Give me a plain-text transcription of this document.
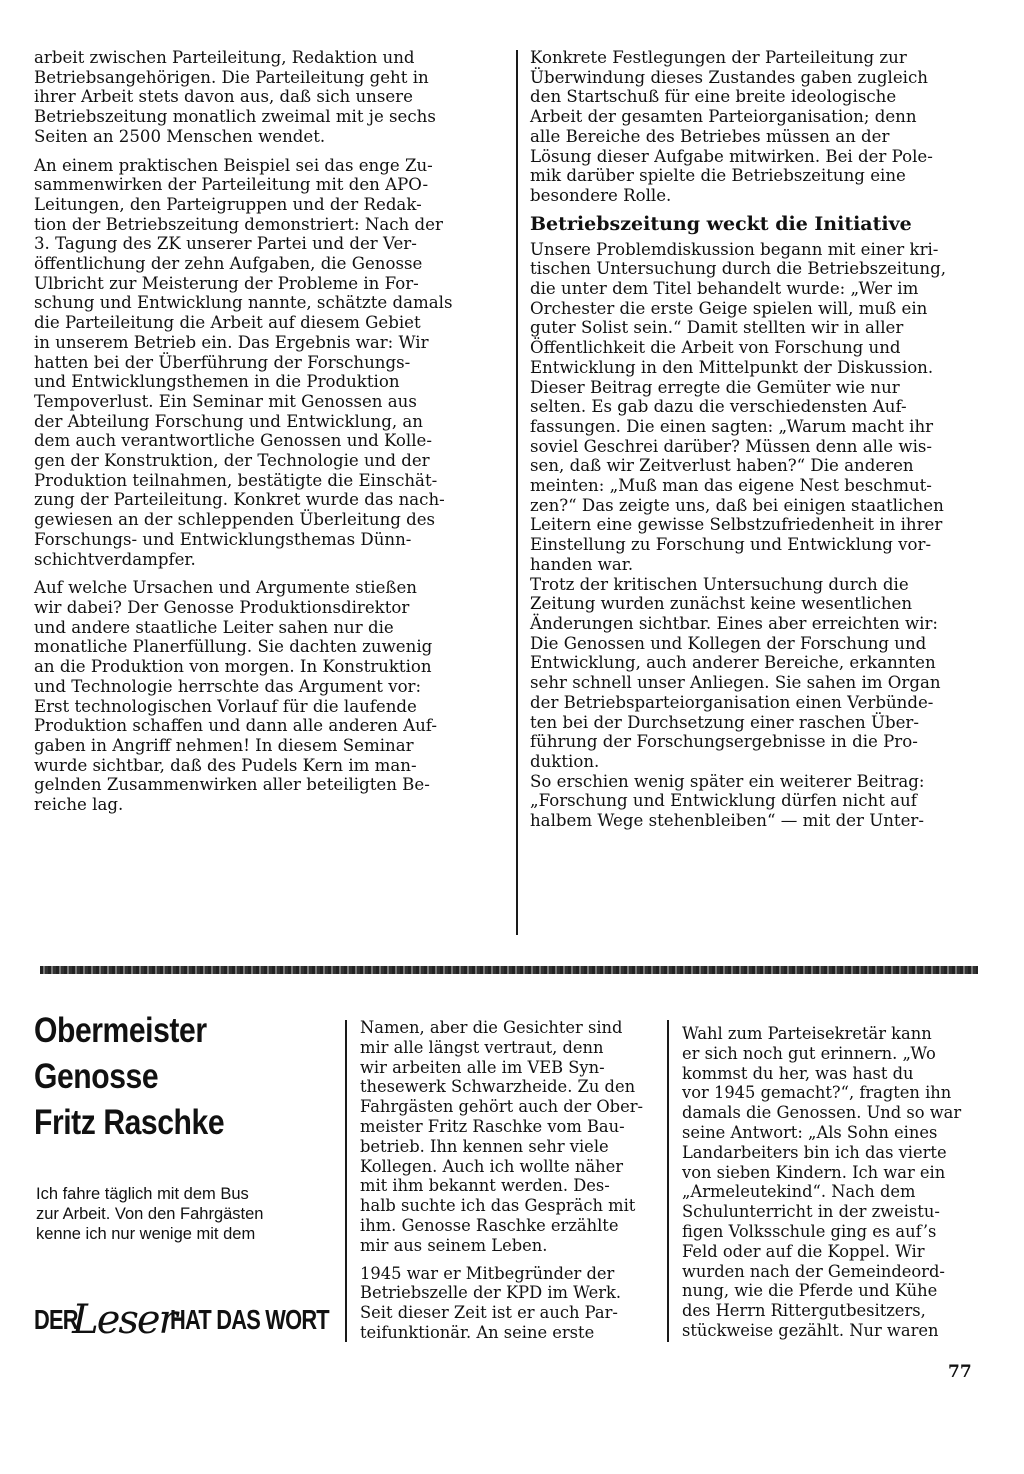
arbeit zwischen Parteileitung, Redaktion und
Betriebsangehörigen. Die Parteileitung geht in
ihrer Arbeit stets davon aus, daß sich unsere
Betriebszeitung monatlich zweimal mit je sechs
Seiten an 2500 Menschen wendet.

An einem praktischen Beispiel sei das enge Zu-
sammenwirken der Parteileitung mit den APO-
Leitungen, den Parteigruppen und der Redak-
tion der Betriebszeitung demonstriert: Nach der
3. Tagung des ZK unserer Partei und der Ver-
öffentlichung der zehn Aufgaben, die Genosse
Ulbricht zur Meisterung der Probleme in For-
schung und Entwicklung nannte, schätzte damals
die Parteileitung die Arbeit auf diesem Gebiet
in unserem Betrieb ein. Das Ergebnis war: Wir
hatten bei der Überführung der Forschungs-
und Entwicklungsthemen in die Produktion
Tempoverlust. Ein Seminar mit Genossen aus
der Abteilung Forschung und Entwicklung, an
dem auch verantwortliche Genossen und Kolle-
gen der Konstruktion, der Technologie und der
Produktion teilnahmen, bestätigte die Einschät-
zung der Parteileitung. Konkret wurde das nach-
gewiesen an der schleppenden Überleitung des
Forschungs- und Entwicklungsthemas Dünn-
schichtverdampfer.

Auf welche Ursachen und Argumente stießen
wir dabei? Der Genosse Produktionsdirektor
und andere staatliche Leiter sahen nur die
monatliche Planerfüllung. Sie dachten zuwenig
an die Produktion von morgen. In Konstruktion
und Technologie herrschte das Argument vor:
Erst technologischen Vorlauf für die laufende
Produktion schaffen und dann alle anderen Auf-
gaben in Angriff nehmen! In diesem Seminar
wurde sichtbar, daß des Pudels Kern im man-
gelnden Zusammenwirken aller beteiligten Be-
reiche lag.

Konkrete Festlegungen der Parteileitung zur
Überwindung dieses Zustandes gaben zugleich
den Startschuß für eine breite ideologische
Arbeit der gesamten Parteiorganisation; denn
alle Bereiche des Betriebes müssen an der
Lösung dieser Aufgabe mitwirken. Bei der Pole-
mik darüber spielte die Betriebszeitung eine
besondere Rolle.

Betriebszeitung weckt die Initiative

Unsere Problemdiskussion begann mit einer kri-
tischen Untersuchung durch die Betriebszeitung,
die unter dem Titel behandelt wurde: „Wer im
Orchester die erste Geige spielen will, muß ein
guter Solist sein.“ Damit stellten wir in aller
Öffentlichkeit die Arbeit von Forschung und
Entwicklung in den Mittelpunkt der Diskussion.
Dieser Beitrag erregte die Gemüter wie nur
selten. Es gab dazu die verschiedensten Auf-
fassungen. Die einen sagten: „Warum macht ihr
soviel Geschrei darüber? Müssen denn alle wis-
sen, daß wir Zeitverlust haben?“ Die anderen
meinten: „Muß man das eigene Nest beschmut-
zen?“ Das zeigte uns, daß bei einigen staatlichen
Leitern eine gewisse Selbstzufriedenheit in ihrer
Einstellung zu Forschung und Entwicklung vor-
handen war.

Trotz der kritischen Untersuchung durch die
Zeitung wurden zunächst keine wesentlichen
Änderungen sichtbar. Eines aber erreichten wir:
Die Genossen und Kollegen der Forschung und
Entwicklung, auch anderer Bereiche, erkannten
sehr schnell unser Anliegen. Sie sahen im Organ
der Betriebsparteiorganisation einen Verbünde-
ten bei der Durchsetzung einer raschen Über-
führung der Forschungsergebnisse in die Pro-
duktion.

So erschien wenig später ein weiterer Beitrag:
„Forschung und Entwicklung dürfen nicht auf
halbem Wege stehenbleiben“ — mit der Unter-

Obermeister
Genosse
Fritz Raschke

Ich fahre täglich mit dem Bus
zur Arbeit. Von den Fahrgästen
kenne ich nur wenige mit dem

DER
Leser
HAT DAS WORT

Namen, aber die Gesichter sind
mir alle längst vertraut, denn
wir arbeiten alle im VEB Syn-
thesewerk Schwarzheide. Zu den
Fahrgästen gehört auch der Ober-
meister Fritz Raschke vom Bau-
betrieb. Ihn kennen sehr viele
Kollegen. Auch ich wollte näher
mit ihm bekannt werden. Des-
halb suchte ich das Gespräch mit
ihm. Genosse Raschke erzählte
mir aus seinem Leben.

1945 war er Mitbegründer der
Betriebszelle der KPD im Werk.
Seit dieser Zeit ist er auch Par-
teifunktionär. An seine erste

Wahl zum Parteisekretär kann
er sich noch gut erinnern. „Wo
kommst du her, was hast du
vor 1945 gemacht?“, fragten ihn
damals die Genossen. Und so war
seine Antwort: „Als Sohn eines
Landarbeiters bin ich das vierte
von sieben Kindern. Ich war ein
„Armeleutekind“. Nach dem
Schulunterricht in der zweistu-
figen Volksschule ging es auf’s
Feld oder auf die Koppel. Wir
wurden nach der Gemeindeord-
nung, wie die Pferde und Kühe
des Herrn Rittergutbesitzers,
stückweise gezählt. Nur waren

77
